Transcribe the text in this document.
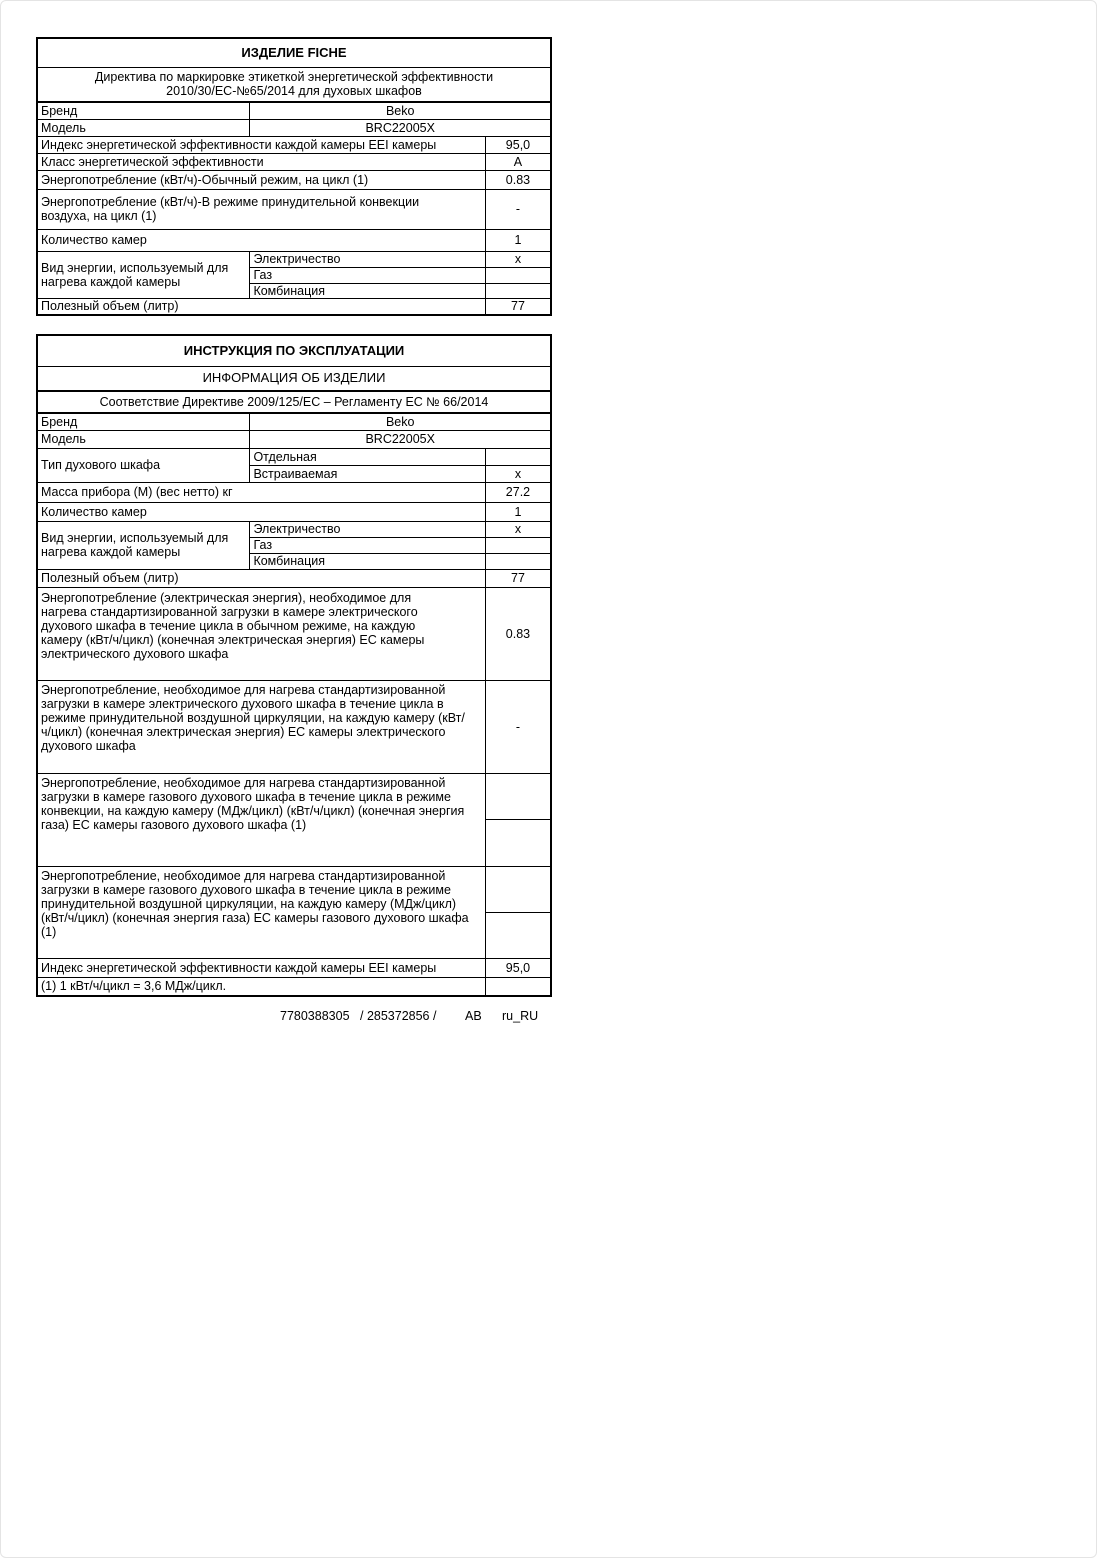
ИЗДЕЛИЕ FICHE		
Директива по маркировке этикеткой энергетической эффективности
2010/30/ЕС-№65/2014 для духовых шкафов		
Бренд	Beko	
Модель	BRC22005X	
Индекс энергетической эффективности каждой камеры EEI камеры		95,0
Класс энергетической эффективности		A
Энергопотребление (кВт/ч)-Обычный режим, на цикл (1)		0.83
Энергопотребление (кВт/ч)-В режиме принудительной конвекции воздуха, на цикл (1)		-
Количество камер		1
Вид энергии, используемый для нагрева каждой камеры	Электричество	x
	Газ	
	Комбинация	
Полезный объем (литр)		77
ИНСТРУКЦИЯ ПО ЭКСПЛУАТАЦИИ		
ИНФОРМАЦИЯ ОБ ИЗДЕЛИИ		
Соответствие Директиве 2009/125/ЕС – Регламенту ЕС № 66/2014		
Бренд	Beko	
Модель	BRC22005X	
Тип духового шкафа	Отдельная	
	Встраиваемая	x
Масса прибора (М) (вес нетто) кг		27.2
Количество камер		1
Вид энергии, используемый для нагрева каждой камеры	Электричество	x
	Газ	
	Комбинация	
Полезный объем (литр)		77
Энергопотребление (электрическая энергия), необходимое для нагрева стандартизированной загрузки в камере электрического духового шкафа в течение цикла в обычном режиме, на каждую камеру (кВт/ч/цикл) (конечная электрическая энергия) ЕС камеры электрического духового шкафа		0.83
Энергопотребление, необходимое для нагрева стандартизированной загрузки в камере электрического духового шкафа в течение цикла в режиме принудительной воздушной циркуляции, на каждую камеру (кВт/ч/цикл) (конечная электрическая энергия) ЕС камеры электрического духового шкафа		-
Энергопотребление, необходимое для нагрева стандартизированной загрузки в камере газового духового шкафа в течение цикла в режиме конвекции, на каждую камеру (МДж/цикл) (кВт/ч/цикл) (конечная энергия газа) ЕС камеры газового духового шкафа (1)		

Энергопотребление, необходимое для нагрева стандартизированной загрузки в камере газового духового шкафа в течение цикла в режиме принудительной воздушной циркуляции, на каждую камеру (МДж/цикл) (кВт/ч/цикл) (конечная энергия газа) ЕС камеры газового духового шкафа (1)		

Индекс энергетической эффективности каждой камеры EEI камеры		95,0
(1) 1 кВт/ч/цикл = 3,6 МДж/цикл.		

7780388305

/ 285372856 /

AB

ru_RU
